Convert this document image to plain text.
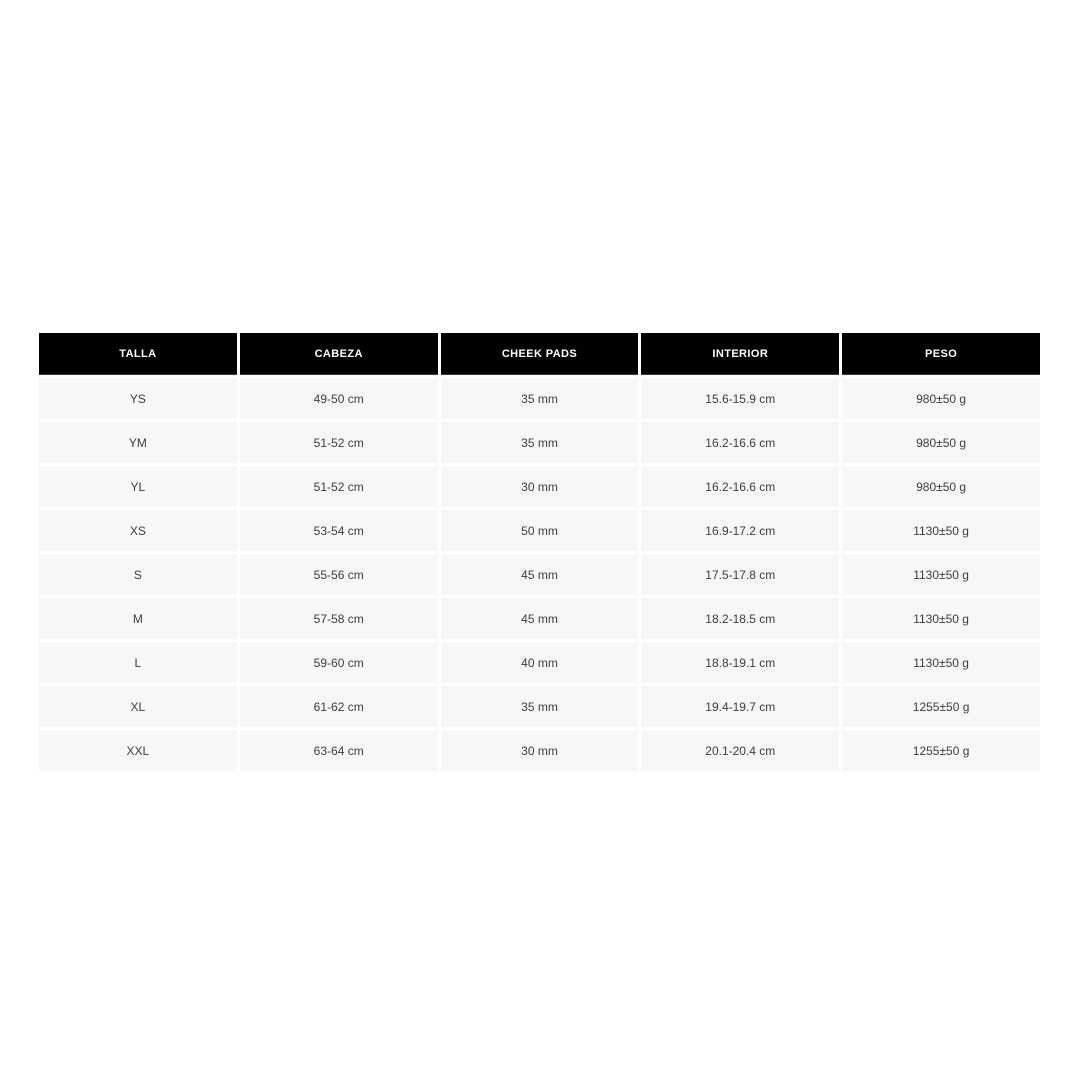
TALLA	CABEZA	CHEEK PADS	INTERIOR	PESO
YS	49-50 cm	35 mm	15.6-15.9 cm	980±50 g
YM	51-52 cm	35 mm	16.2-16.6 cm	980±50 g
YL	51-52 cm	30 mm	16.2-16.6 cm	980±50 g
XS	53-54 cm	50 mm	16.9-17.2 cm	1130±50 g
S	55-56 cm	45 mm	17.5-17.8 cm	1130±50 g
M	57-58 cm	45 mm	18.2-18.5 cm	1130±50 g
L	59-60 cm	40 mm	18.8-19.1 cm	1130±50 g
XL	61-62 cm	35 mm	19.4-19.7 cm	1255±50 g
XXL	63-64 cm	30 mm	20.1-20.4 cm	1255±50 g
